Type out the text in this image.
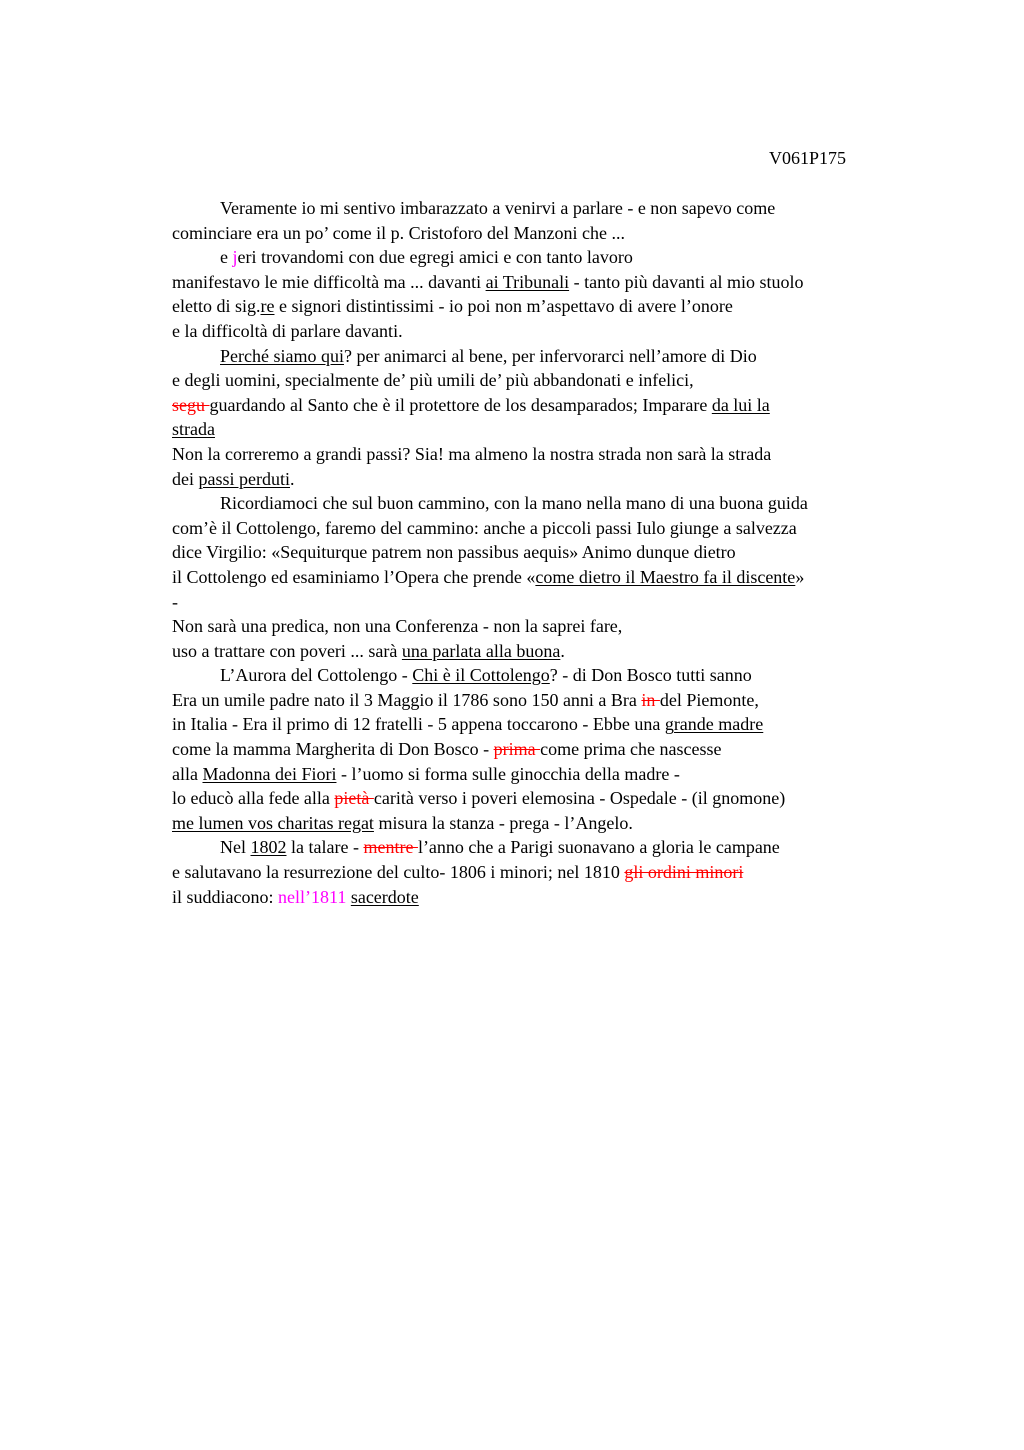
V061P175
Veramente io mi sentivo imbarazzato a venirvi a parlare - e non sapevo come
cominciare era un po’ come il p. Cristoforo del Manzoni che ...
e jeri trovandomi con due egregi amici e con tanto lavoro
manifestavo le mie difficoltà ma ... davanti ai Tribunali - tanto più davanti al mio stuolo
eletto di sig.re e signori distintissimi - io poi non m’aspettavo di avere l’onore
e la difficoltà di parlare davanti.
Perché siamo qui? per animarci al bene, per infervorarci nell’amore di Dio
e degli uomini, specialmente de’ più umili de’ più abbandonati e infelici,
segu guardando al Santo che è il protettore de los desamparados; Imparare da lui la
strada
Non la correremo a grandi passi? Sia! ma almeno la nostra strada non sarà la strada
dei passi perduti.
Ricordiamoci che sul buon cammino, con la mano nella mano di una buona guida
com’è il Cottolengo, faremo del cammino: anche a piccoli passi Iulo giunge a salvezza
dice Virgilio: «Sequiturque patrem non passibus aequis» Animo dunque dietro
il Cottolengo ed esaminiamo l’Opera che prende «come dietro il Maestro fa il discente»
-
Non sarà una predica, non una Conferenza - non la saprei fare,
uso a trattare con poveri ... sarà una parlata alla buona.
L’Aurora del Cottolengo - Chi è il Cottolengo? - di Don Bosco tutti sanno
Era un umile padre nato il 3 Maggio il 1786 sono 150 anni a Bra in del Piemonte,
in Italia - Era il primo di 12 fratelli - 5 appena toccarono - Ebbe una grande madre
come la mamma Margherita di Don Bosco - prima come prima che nascesse
alla Madonna dei Fiori - l’uomo si forma sulle ginocchia della madre -
lo educò alla fede alla pietà carità verso i poveri elemosina - Ospedale - (il gnomone)
me lumen vos charitas regat misura la stanza - prega - l’Angelo.
Nel 1802 la talare - mentre l’anno che a Parigi suonavano a gloria le campane
e salutavano la resurrezione del culto- 1806 i minori; nel 1810 gli ordini minori
il suddiacono: nell’1811 sacerdote
